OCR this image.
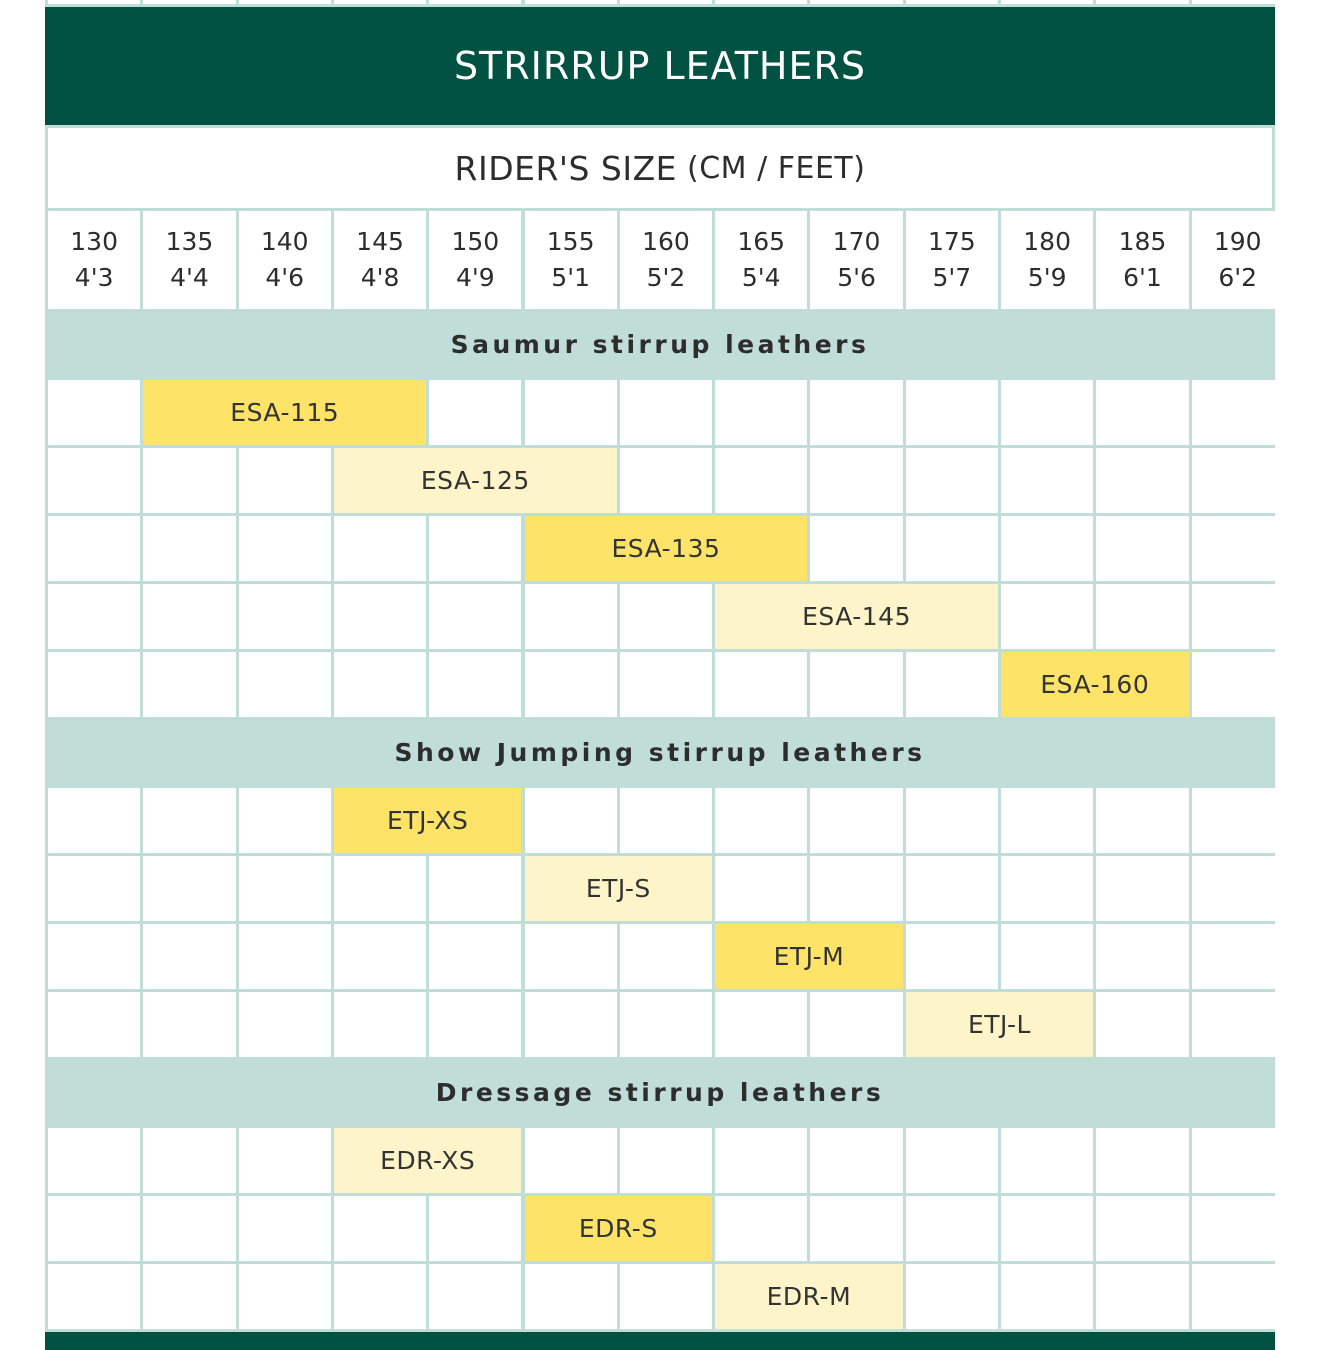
STRIRRUP LEATHERS
RIDER'S SIZE (CM / FEET)
130
4'3
135
4'4
140
4'6
145
4'8
150
4'9
155
5'1
160
5'2
165
5'4
170
5'6
175
5'7
180
5'9
185
6'1
190
6'2
Saumur stirrup leathers
ESA-115
ESA-125
ESA-135
ESA-145
ESA-160
Show Jumping stirrup leathers
ETJ-XS
ETJ-S
ETJ-M
ETJ-L
Dressage stirrup leathers
EDR-XS
EDR-S
EDR-M
